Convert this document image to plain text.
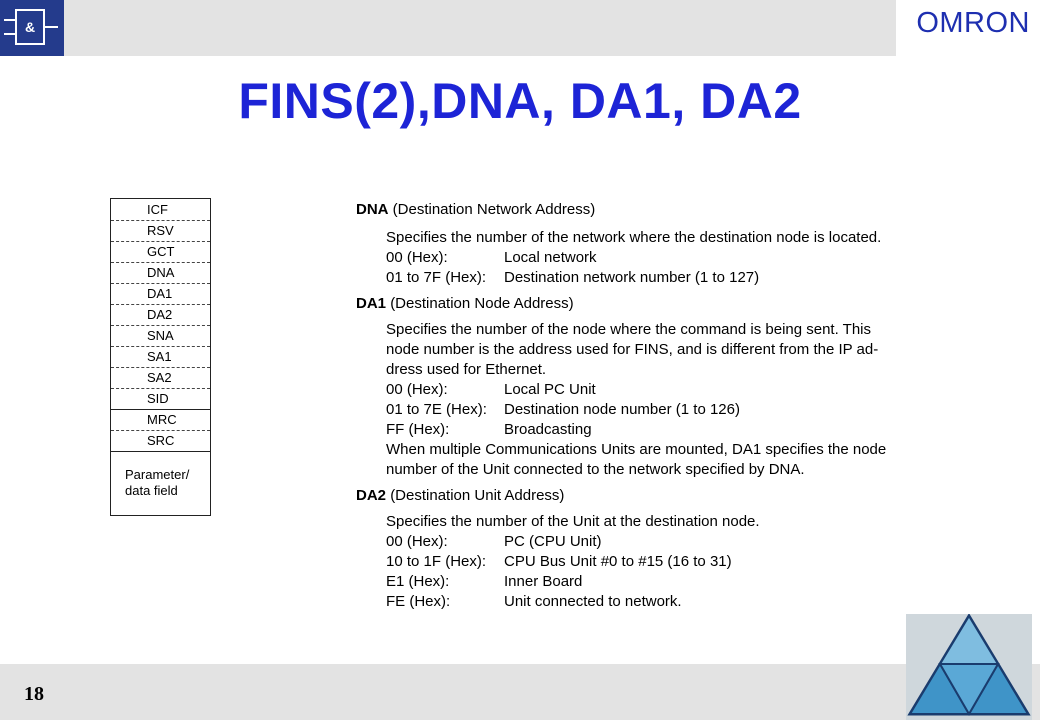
&	OMRON
FINS(2),DNA, DA1, DA2
ICF
RSV
GCT
DNA
DA1
DA2
SNA
SA1
SA2
SID
MRC
SRC
Parameter/
data field
DNA (Destination Network Address)
Specifies the number of the network where the destination node is located.
00 (Hex):	Local network
01 to 7F (Hex):	Destination network number (1 to 127)
DA1 (Destination Node Address)
Specifies the number of the node where the command is being sent. This
node number is the address used for FINS, and is different from the IP ad-
dress used for Ethernet.
00 (Hex):	Local PC Unit
01 to 7E (Hex):	Destination node number (1 to 126)
FF (Hex):	Broadcasting
When multiple Communications Units are mounted, DA1 specifies the node
number of the Unit connected to the network specified by DNA.
DA2 (Destination Unit Address)
Specifies the number of the Unit at the destination node.
00 (Hex):	PC (CPU Unit)
10 to 1F (Hex):	CPU Bus Unit #0 to #15 (16 to 31)
E1 (Hex):	Inner Board
FE (Hex):	Unit connected to network.
18
